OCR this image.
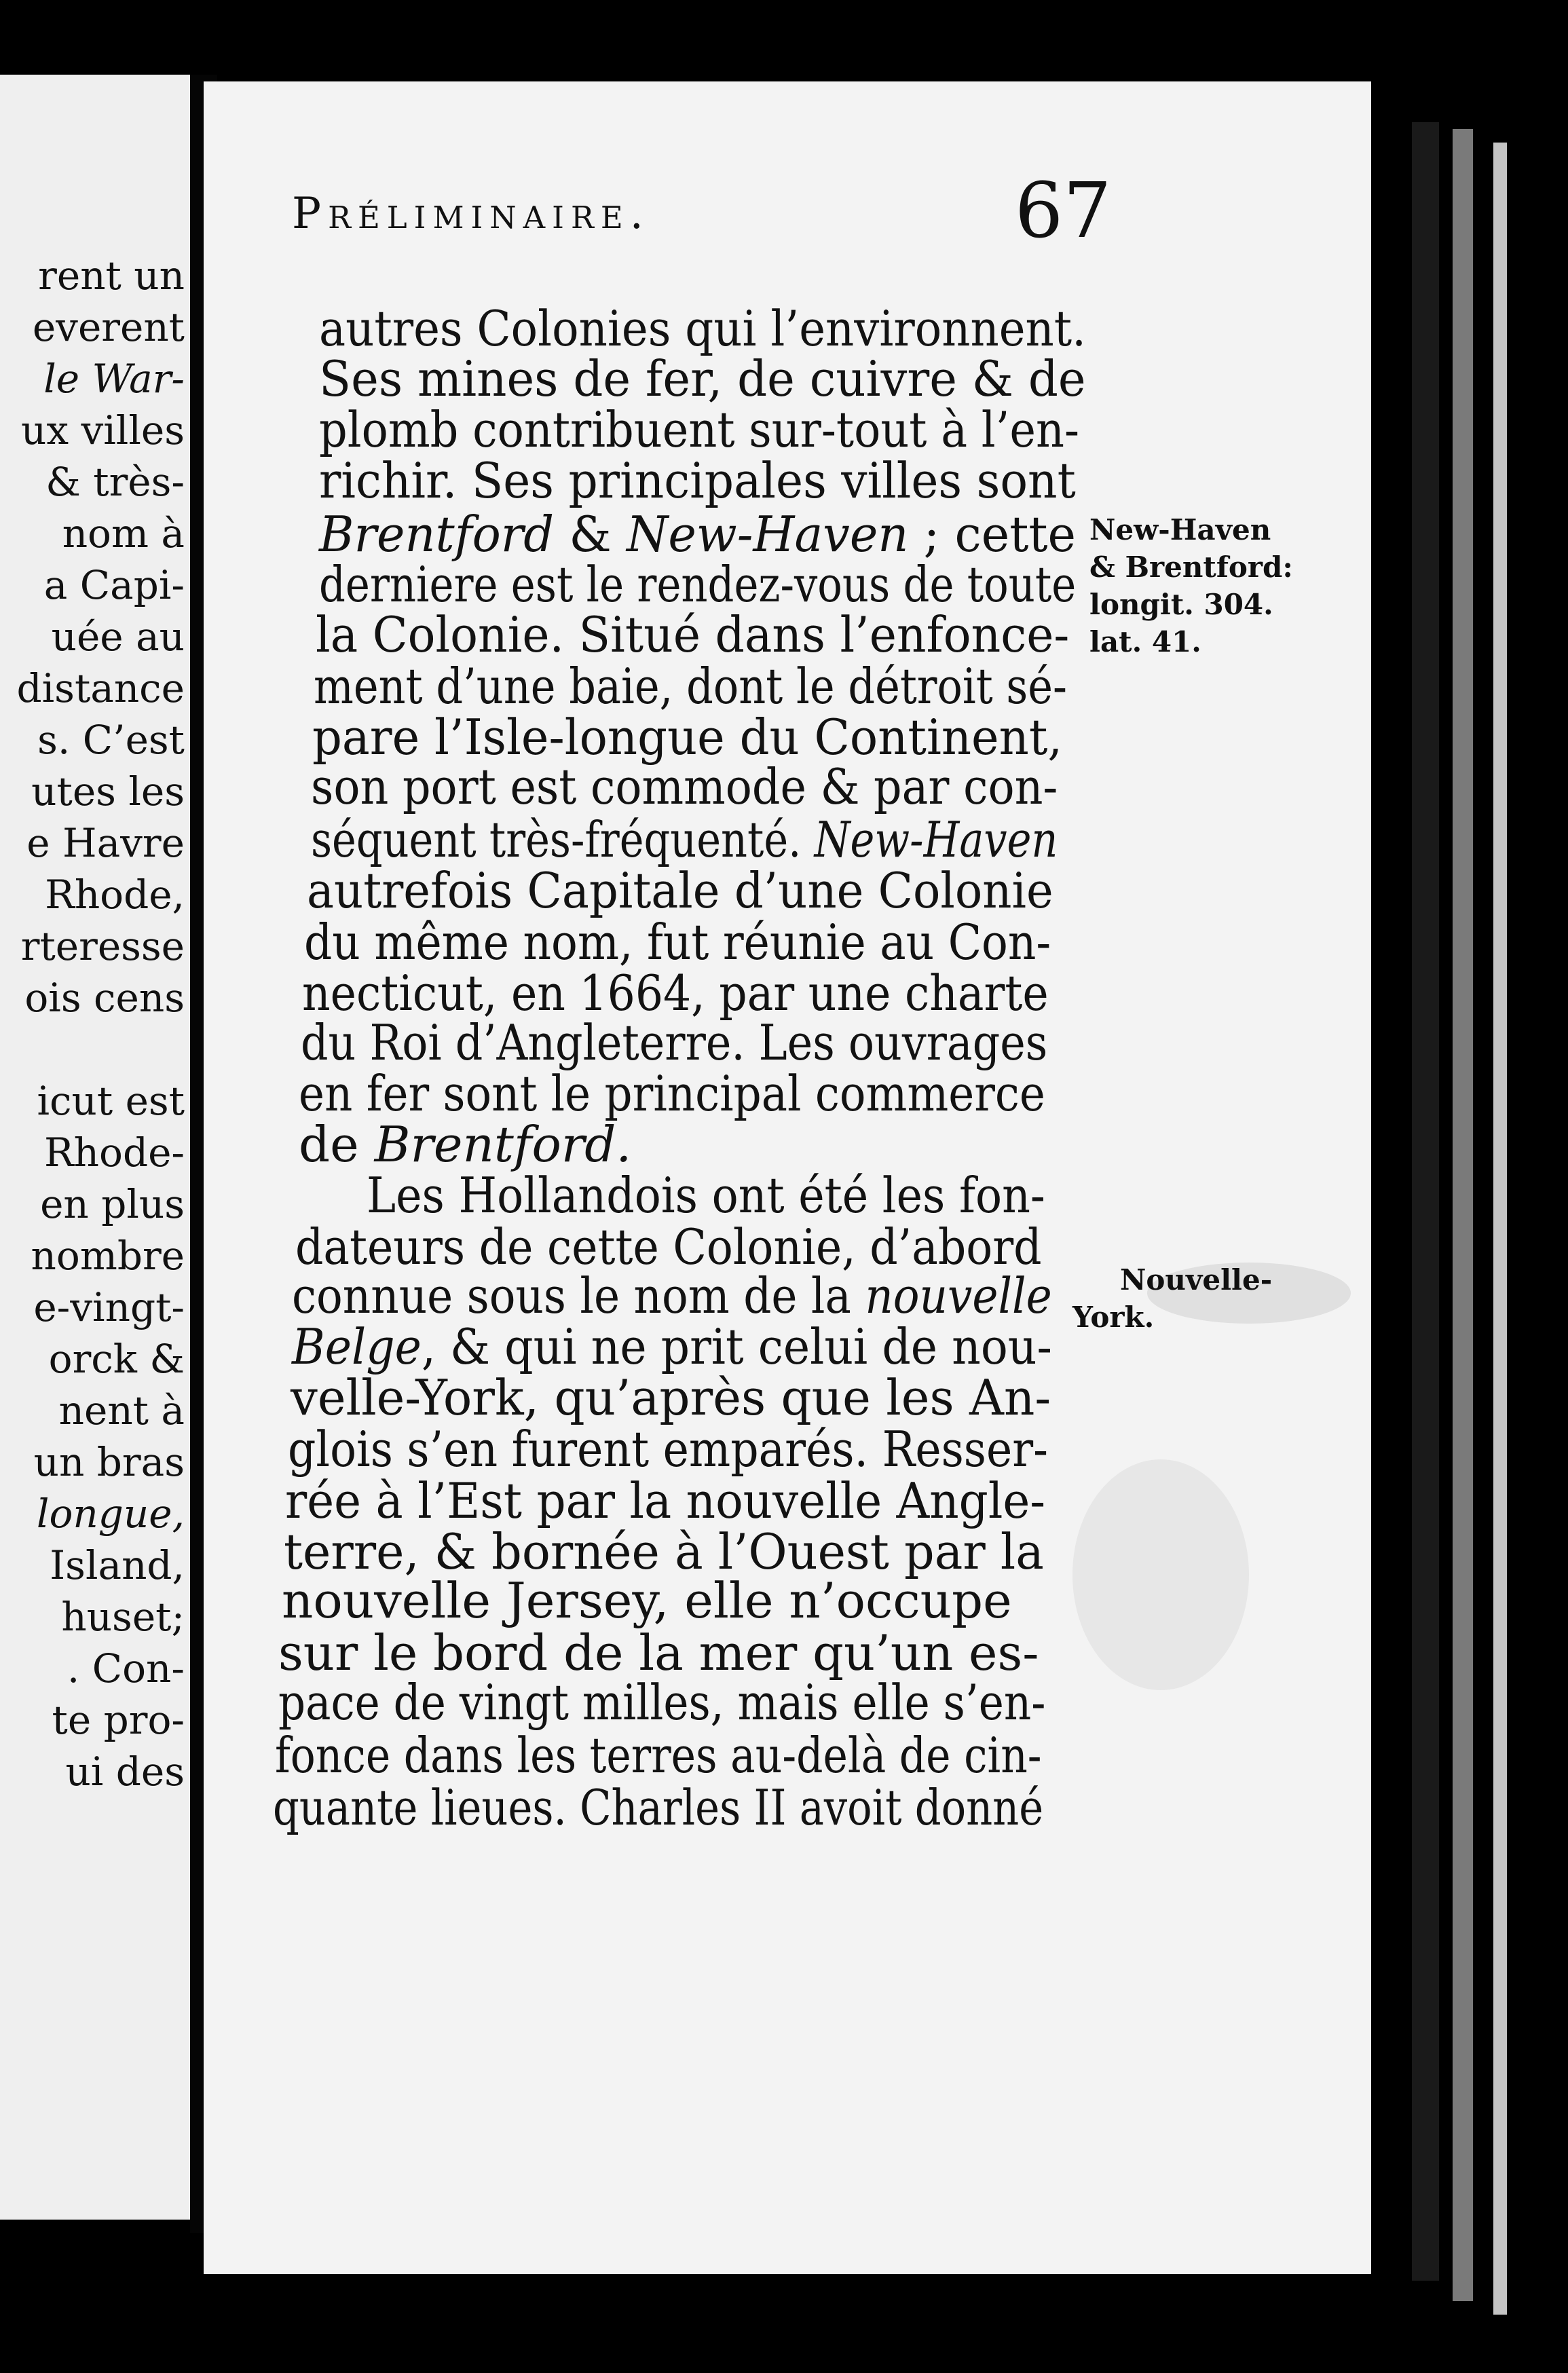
rent un
everent
le War-
ux villes
& très-
nom à
a Capi-
uée au
distance
s. C’est
utes les
e Havre
Rhode,
rteresse
ois cens
icut est
Rhode-
en plus
nombre
e-vingt-
orck &
nent à
un bras
longue,
Island,
huset;
. Con-
te pro-
ui des
Préliminaire.	67
autres Colonies qui l’environnent.
Ses mines de fer, de cuivre & de
plomb contribuent sur-tout à l’en-
richir. Ses principales villes sont
Brentford & New-Haven ; cette
derniere est le rendez-vous de toute
la Colonie. Situé dans l’enfonce-
ment d’une baie, dont le détroit sé-
pare l’Isle-longue du Continent,
son port est commode & par con-
séquent très-fréquenté. New-Haven
autrefois Capitale d’une Colonie
du même nom, fut réunie au Con-
necticut, en 1664, par une charte
du Roi d’Angleterre. Les ouvrages
en fer sont le principal commerce
de Brentford.
Les Hollandois ont été les fon-
dateurs de cette Colonie, d’abord
connue sous le nom de la nouvelle
Belge, & qui ne prit celui de nou-
velle-York, qu’après que les An-
glois s’en furent emparés. Resser-
rée à l’Est par la nouvelle Angle-
terre, & bornée à l’Ouest par la
nouvelle Jersey, elle n’occupe
sur le bord de la mer qu’un es-
pace de vingt milles, mais elle s’en-
fonce dans les terres au-delà de cin-
quante lieues. Charles II avoit donné
New-Haven
& Brentford:
longit. 304.
lat. 41.
Nouvelle-
York.
